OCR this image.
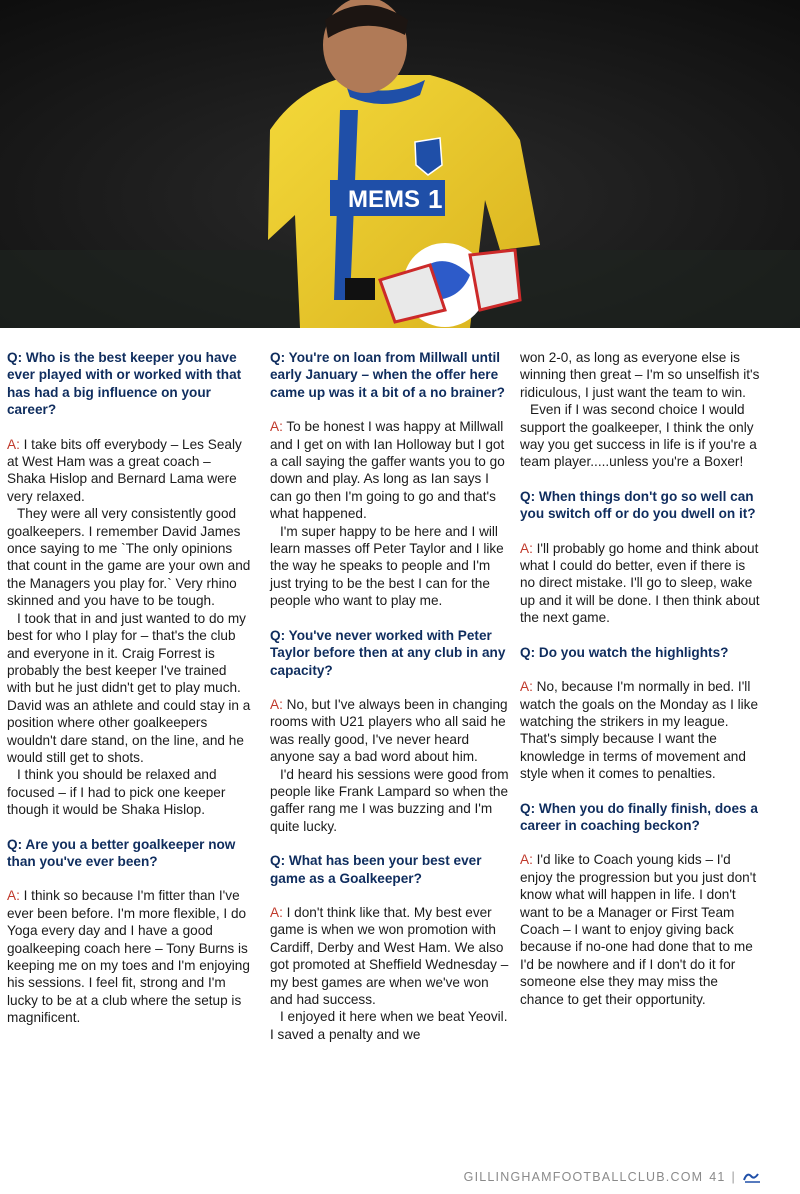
MEMS 1
Q: Who is the best keeper you have ever played with or worked with that has had a big influence on your career?

A: I take bits off everybody – Les Sealy at West Ham was a great coach – Shaka Hislop and Bernard Lama were very relaxed.

They were all very consistently good goalkeepers. I remember David James once saying to me `The only opinions that count in the game are your own and the Managers you play for.` Very rhino skinned and you have to be tough.

I took that in and just wanted to do my best for who I play for – that's the club and everyone in it. Craig Forrest is probably the best keeper I've trained with but he just didn't get to play much. David was an athlete and could stay in a position where other goalkeepers wouldn't dare stand, on the line, and he would still get to shots.

I think you should be relaxed and focused – if I had to pick one keeper though it would be Shaka Hislop.

Q: Are you a better goalkeeper now than you've ever been?

A: I think so because I'm fitter than I've ever been before. I'm more flexible, I do Yoga every day and I have a good goalkeeping coach here – Tony Burns is keeping me on my toes and I'm enjoying his sessions. I feel fit, strong and I'm lucky to be at a club where the setup is magnificent.

Q: You're on loan from Millwall until early January – when the offer here came up was it a bit of a no brainer?

A: To be honest I was happy at Millwall and I get on with Ian Holloway but I got a call saying the gaffer wants you to go down and play. As long as Ian says I can go then I'm going to go and that's what happened.

I'm super happy to be here and I will learn masses off Peter Taylor and I like the way he speaks to people and I'm just trying to be the best I can for the people who want to play me.

Q: You've never worked with Peter Taylor before then at any club in any capacity?

A: No, but I've always been in changing rooms with U21 players who all said he was really good, I've never heard anyone say a bad word about him.

I'd heard his sessions were good from people like Frank Lampard so when the gaffer rang me I was buzzing and I'm quite lucky.

Q: What has been your best ever game as a Goalkeeper?

A: I don't think like that. My best ever game is when we won promotion with Cardiff, Derby and West Ham. We also got promoted at Sheffield Wednesday – my best games are when we've won and had success.

I enjoyed it here when we beat Yeovil. I saved a penalty and we

won 2-0, as long as everyone else is winning then great – I'm so unselfish it's ridiculous, I just want the team to win.

Even if I was second choice I would support the goalkeeper, I think the only way you get success in life is if you're a team player.....unless you're a Boxer!

Q: When things don't go so well can you switch off or do you dwell on it?

A: I'll probably go home and think about what I could do better, even if there is no direct mistake. I'll go to sleep, wake up and it will be done. I then think about the next game.

Q: Do you watch the highlights?

A: No, because I'm normally in bed. I'll watch the goals on the Monday as I like watching the strikers in my league. That's simply because I want the knowledge in terms of movement and style when it comes to penalties.

Q: When you do finally finish, does a career in coaching beckon?

A: I'd like to Coach young kids – I'd enjoy the progression but you just don't know what will happen in life. I don't want to be a Manager or First Team Coach – I want to enjoy giving back because if no-one had done that to me I'd be nowhere and if I don't do it for someone else they may miss the chance to get their opportunity.

GILLINGHAMFOOTBALLCLUB.COM 41 |
